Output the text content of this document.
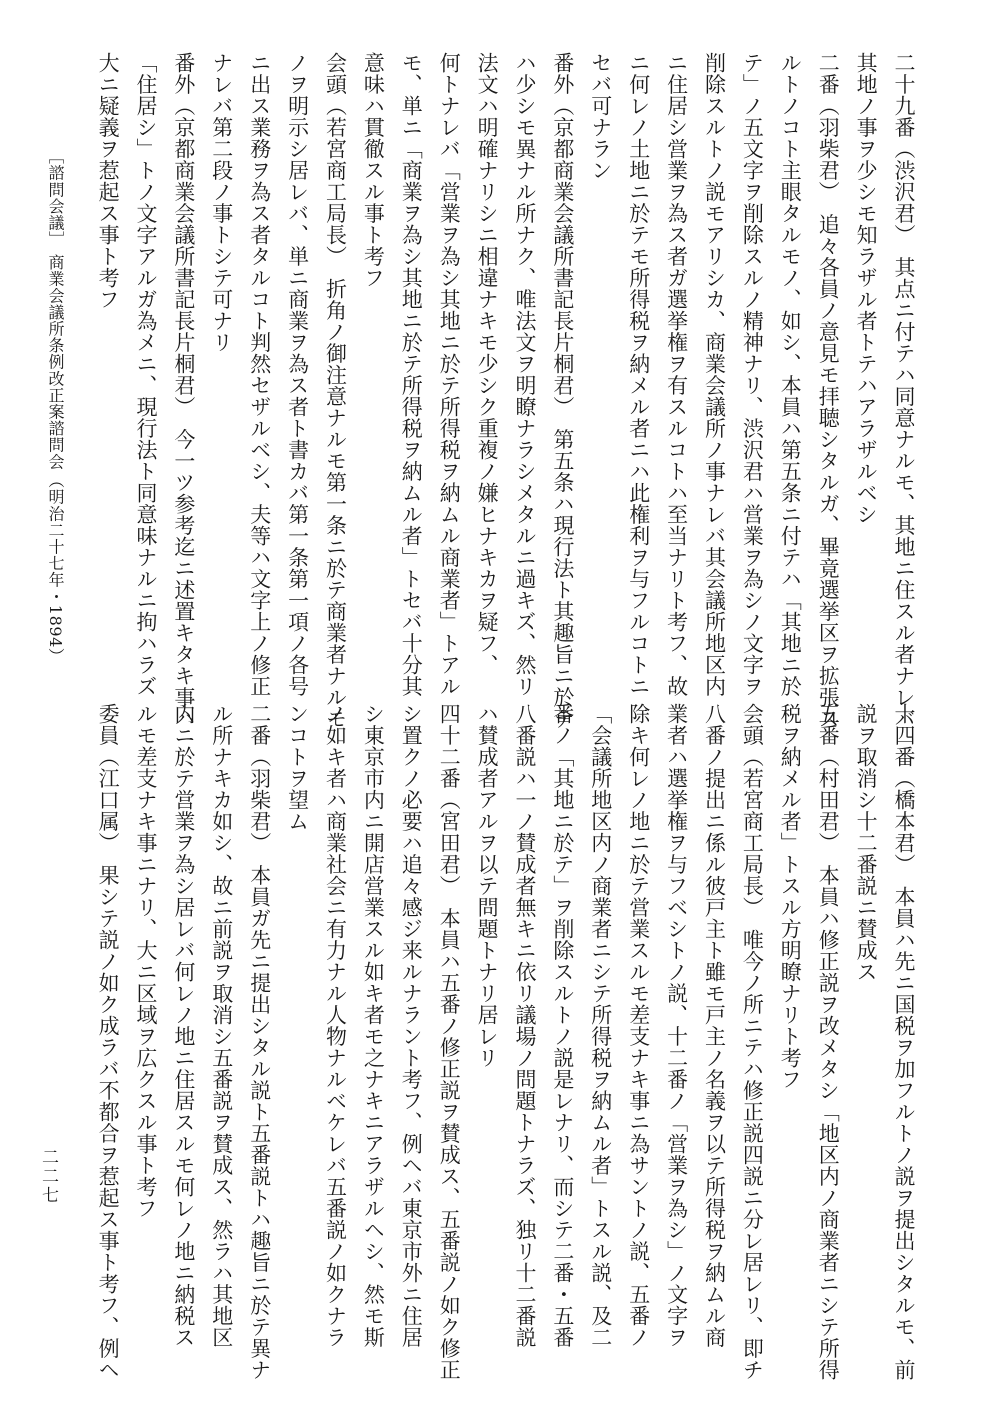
二十九番（渋沢君）　其点ニ付テハ同意ナルモ、其地ニ住スル者ナレバ
其地ノ事ヲ少シモ知ラザル者トテハアラザルベシ
二番（羽柴君）　追々各員ノ意見モ拝聴シタルガ、畢竟選挙区ヲ拡張ス
ルトノコト主眼タルモノ、如シ、本員ハ第五条ニ付テハ「其地ニ於
テ」ノ五文字ヲ削除スルノ精神ナリ、渋沢君ハ営業ヲ為シノ文字ヲ
削除スルトノ説モアリシカ、商業会議所ノ事ナレバ其会議所地区内
ニ住居シ営業ヲ為ス者ガ選挙権ヲ有スルコトハ至当ナリト考フ、故
ニ何レノ土地ニ於テモ所得税ヲ納メル者ニハ此権利ヲ与フルコトニ
セバ可ナラン
番外（京都商業会議所書記長片桐君）　第五条ハ現行法ト其趣旨ニ於テ
ハ少シモ異ナル所ナク、唯法文ヲ明瞭ナラシメタルニ過キズ、然リ
法文ハ明確ナリシニ相違ナキモ少シク重複ノ嫌ヒナキカヲ疑フ、
何トナレバ「営業ヲ為シ其地ニ於テ所得税ヲ納ムル商業者」トアル
モ、単ニ「商業ヲ為シ其地ニ於テ所得税ヲ納ムル者」トセバ十分其
意味ハ貫徹スル事ト考フ
会頭（若宮商工局長）　折角ノ御注意ナルモ第一条ニ於テ商業者ナルモ
ノヲ明示シ居レバ、単ニ商業ヲ為ス者ト書カバ第一条第一項ノ各号
ニ出ス業務ヲ為ス者タルコト判然セザルベシ、夫等ハ文字上ノ修正
ナレバ第二段ノ事トシテ可ナリ
番外（京都商業会議所書記長片桐君）　今一ツ参考迄ニ述置キタキ事ハ
「住居シ」トノ文字アルガ為メニ、現行法ト同意味ナルニ拘ハラズ
大ニ疑義ヲ惹起ス事ト考フ
十四番（橋本君）　本員ハ先ニ国税ヲ加フルトノ説ヲ提出シタルモ、前
説ヲ取消シ十二番説ニ賛成ス
五番（村田君）　本員ハ修正説ヲ改メタシ「地区内ノ商業者ニシテ所得
税ヲ納メル者」トスル方明瞭ナリト考フ
会頭（若宮商工局長）　唯今ノ所ニテハ修正説四説ニ分レ居レリ、即チ
八番ノ提出ニ係ル彼戸主ト雖モ戸主ノ名義ヲ以テ所得税ヲ納ムル商
業者ハ選挙権ヲ与フベシトノ説、十二番ノ「営業ヲ為シ」ノ文字ヲ
除キ何レノ地ニ於テ営業スルモ差支ナキ事ニ為サントノ説、五番ノ
「会議所地区内ノ商業者ニシテ所得税ヲ納ムル者」トスル説、及二
番ノ「其地ニ於テ」ヲ削除スルトノ説是レナリ、而シテ二番・五番
八番説ハ一ノ賛成者無キニ依リ議場ノ問題トナラズ、独リ十二番説
ハ賛成者アルヲ以テ問題トナリ居レリ
四十二番（宮田君）　本員ハ五番ノ修正説ヲ賛成ス、五番説ノ如ク修正
シ置クノ必要ハ追々感ジ来ルナラント考フ、例ヘバ東京市外ニ住居
シ東京市内ニ開店営業スル如キ者モ之ナキニアラザルヘシ、然モ斯
ノ如キ者ハ商業社会ニ有力ナル人物ナルベケレバ五番説ノ如クナラ
ンコトヲ望ム
二番（羽柴君）　本員ガ先ニ提出シタル説ト五番説トハ趣旨ニ於テ異ナ
ル所ナキカ如シ、故ニ前説ヲ取消シ五番説ヲ賛成ス、然ラハ其地区
内ニ於テ営業ヲ為シ居レバ何レノ地ニ住居スルモ何レノ地ニ納税ス
ルモ差支ナキ事ニナリ、大ニ区域ヲ広クスル事ト考フ
委員（江口属）　果シテ説ノ如ク成ラバ不都合ヲ惹起ス事ト考フ、例ヘ
［諮問会議］
商業会議所条例改正案諮問会
（明治二十七年・1894）
二二七
